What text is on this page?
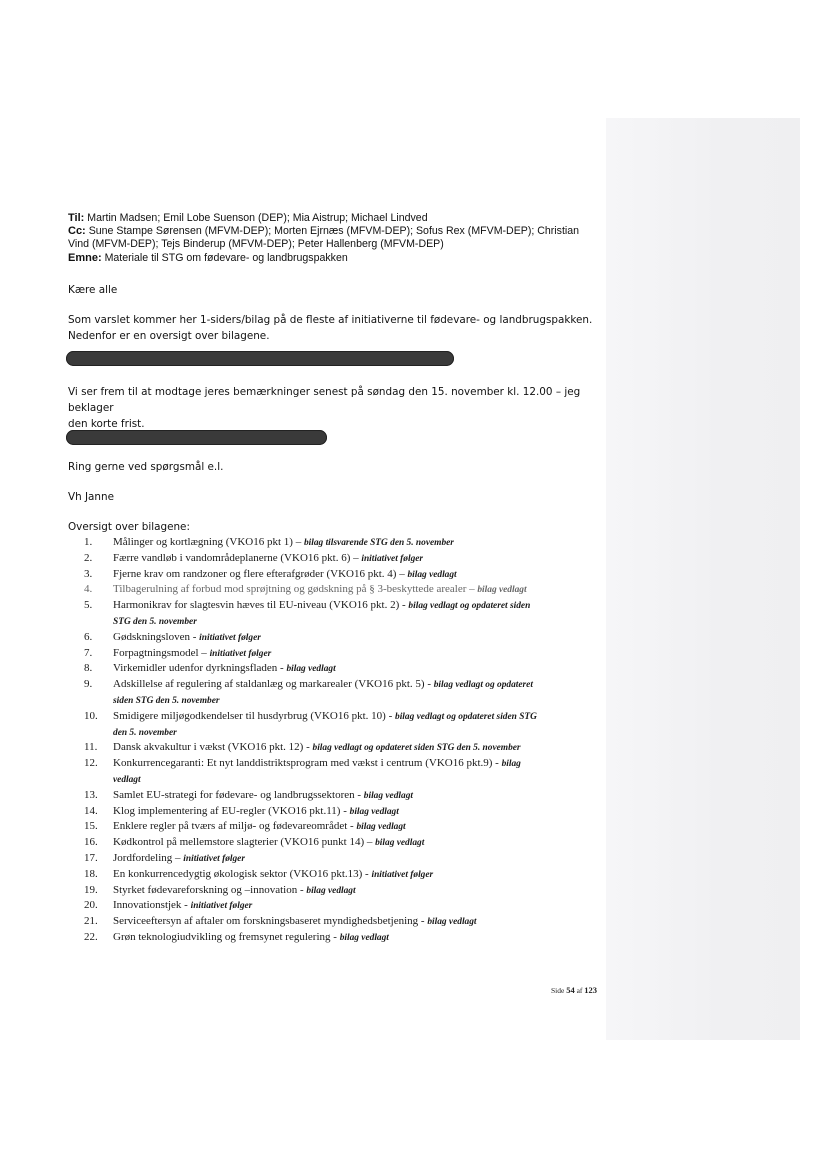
Til: Martin Madsen; Emil Lobe Suenson (DEP); Mia Aistrup; Michael Lindved
Cc: Sune Stampe Sørensen (MFVM-DEP); Morten Ejrnæs (MFVM-DEP); Sofus Rex (MFVM-DEP); Christian
Vind (MFVM-DEP); Tejs Binderup (MFVM-DEP); Peter Hallenberg (MFVM-DEP)
Emne: Materiale til STG om fødevare- og landbrugspakken
Kære alle
Som varslet kommer her 1-siders/bilag på de fleste af initiativerne til fødevare- og landbrugspakken.
Nedenfor er en oversigt over bilagene.
Vi ser frem til at modtage jeres bemærkninger senest på søndag den 15. november kl. 12.00 – jeg beklager
den korte frist.
Ring gerne ved spørgsmål e.l.
Vh Janne
Oversigt over bilagene:
1.	Målinger og kortlægning (VKO16 pkt 1) – bilag tilsvarende STG den 5. november
2.	Færre vandløb i vandområdeplanerne (VKO16 pkt. 6) – initiativet følger
3.	Fjerne krav om randzoner og flere efterafgrøder (VKO16 pkt. 4) – bilag vedlagt
4.	Tilbagerulning af forbud mod sprøjtning og gødskning på § 3-beskyttede arealer – bilag vedlagt
5.	Harmonikrav for slagtesvin hæves til EU-niveau (VKO16 pkt. 2) - bilag vedlagt og opdateret siden
STG den 5. november
6.	Gødskningsloven - initiativet følger
7.	Forpagtningsmodel – initiativet følger
8.	Virkemidler udenfor dyrkningsfladen - bilag vedlagt
9.	Adskillelse af regulering af staldanlæg og markarealer (VKO16 pkt. 5) - bilag vedlagt og opdateret
siden STG den 5. november
10.	Smidigere miljøgodkendelser til husdyrbrug (VKO16 pkt. 10) - bilag vedlagt og opdateret siden STG
den 5. november
11.	Dansk akvakultur i vækst (VKO16 pkt. 12) - bilag vedlagt og opdateret siden STG den 5. november
12.	Konkurrencegaranti: Et nyt landdistriktsprogram med vækst i centrum (VKO16 pkt.9) - bilag
vedlagt
13.	Samlet EU-strategi for fødevare- og landbrugssektoren - bilag vedlagt
14.	Klog implementering af EU-regler (VKO16 pkt.11) - bilag vedlagt
15.	Enklere regler på tværs af miljø- og fødevareområdet - bilag vedlagt
16.	Kødkontrol på mellemstore slagterier (VKO16 punkt 14) – bilag vedlagt
17.	Jordfordeling – initiativet følger
18.	En konkurrencedygtig økologisk sektor (VKO16 pkt.13) - initiativet følger
19.	Styrket fødevareforskning og –innovation - bilag vedlagt
20.	Innovationstjek - initiativet følger
21.	Serviceeftersyn af aftaler om forskningsbaseret myndighedsbetjening - bilag vedlagt
22.	Grøn teknologiudvikling og fremsynet regulering - bilag vedlagt
Side 54 af 123
